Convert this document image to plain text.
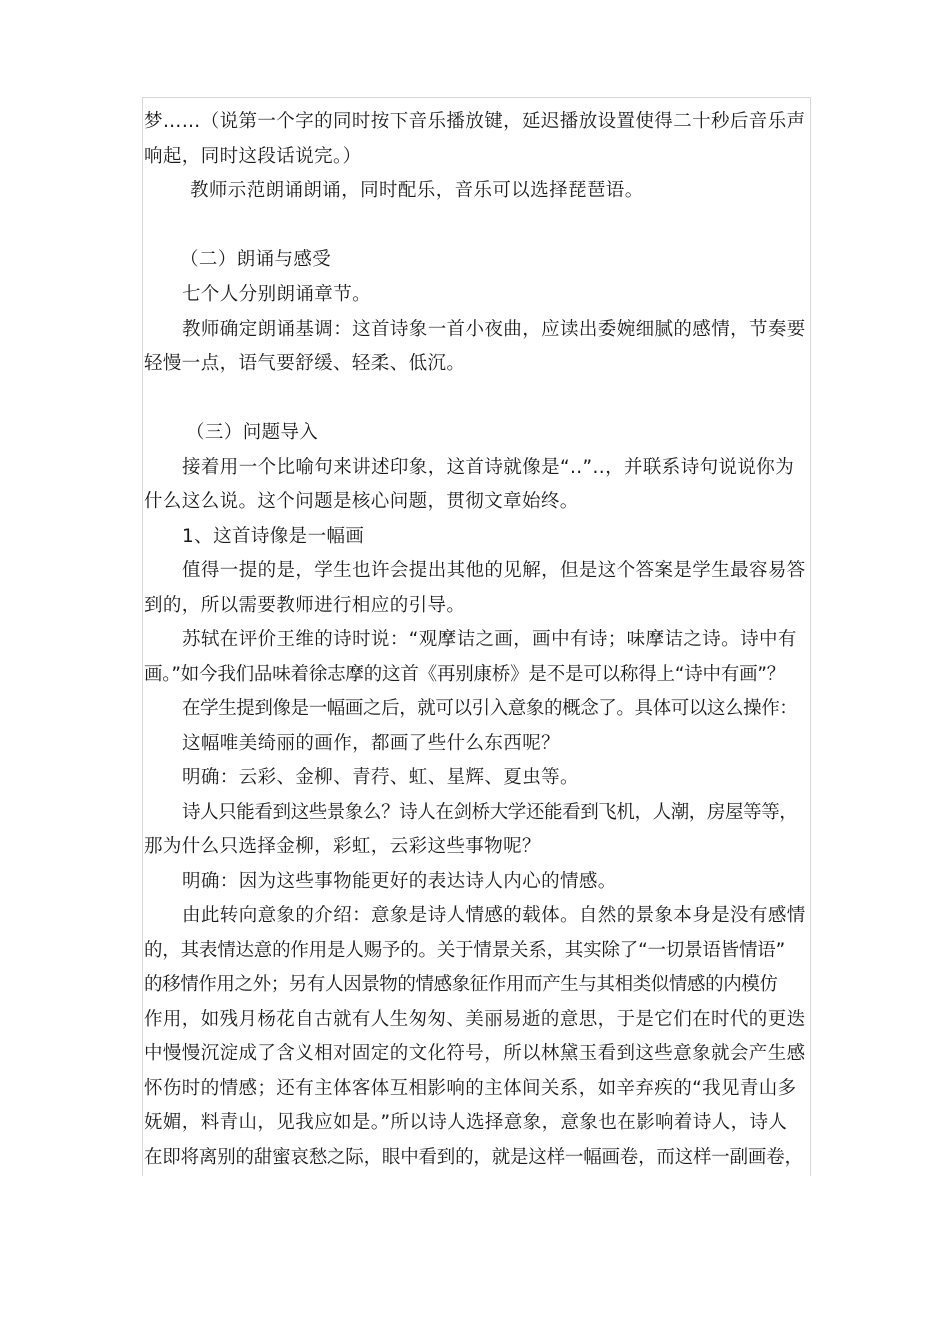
梦……（说第一个字的同时按下音乐播放键，延迟播放设置使得二十秒后音乐声
响起，同时这段话说完。）
教师示范朗诵朗诵，同时配乐，音乐可以选择琵琶语。
（二）朗诵与感受
七个人分别朗诵章节。
教师确定朗诵基调：这首诗象一首小夜曲，应读出委婉细腻的感情，节奏要
轻慢一点，语气要舒缓、轻柔、低沉。
（三）问题导入
接着用一个比喻句来讲述印象，这首诗就像是“..”..，并联系诗句说说你为
什么这么说。这个问题是核心问题，贯彻文章始终。
1、这首诗像是一幅画
值得一提的是，学生也许会提出其他的见解，但是这个答案是学生最容易答
到的，所以需要教师进行相应的引导。
苏轼在评价王维的诗时说：“观摩诘之画，画中有诗；味摩诘之诗。诗中有
画。”如今我们品味着徐志摩的这首《再别康桥》是不是可以称得上“诗中有画”？
在学生提到像是一幅画之后，就可以引入意象的概念了。具体可以这么操作：
这幅唯美绮丽的画作，都画了些什么东西呢？
明确：云彩、金柳、青荇、虹、星辉、夏虫等。
诗人只能看到这些景象么？诗人在剑桥大学还能看到飞机，人潮，房屋等等，
那为什么只选择金柳，彩虹，云彩这些事物呢？
明确：因为这些事物能更好的表达诗人内心的情感。
由此转向意象的介绍：意象是诗人情感的载体。自然的景象本身是没有感情
的，其表情达意的作用是人赐予的。关于情景关系，其实除了“一切景语皆情语”
的移情作用之外；另有人因景物的情感象征作用而产生与其相类似情感的内模仿
作用，如残月杨花自古就有人生匆匆、美丽易逝的意思，于是它们在时代的更迭
中慢慢沉淀成了含义相对固定的文化符号，所以林黛玉看到这些意象就会产生感
怀伤时的情感；还有主体客体互相影响的主体间关系，如辛弃疾的“我见青山多
妩媚，料青山，见我应如是。”所以诗人选择意象，意象也在影响着诗人，诗人
在即将离别的甜蜜哀愁之际，眼中看到的，就是这样一幅画卷，而这样一副画卷，
